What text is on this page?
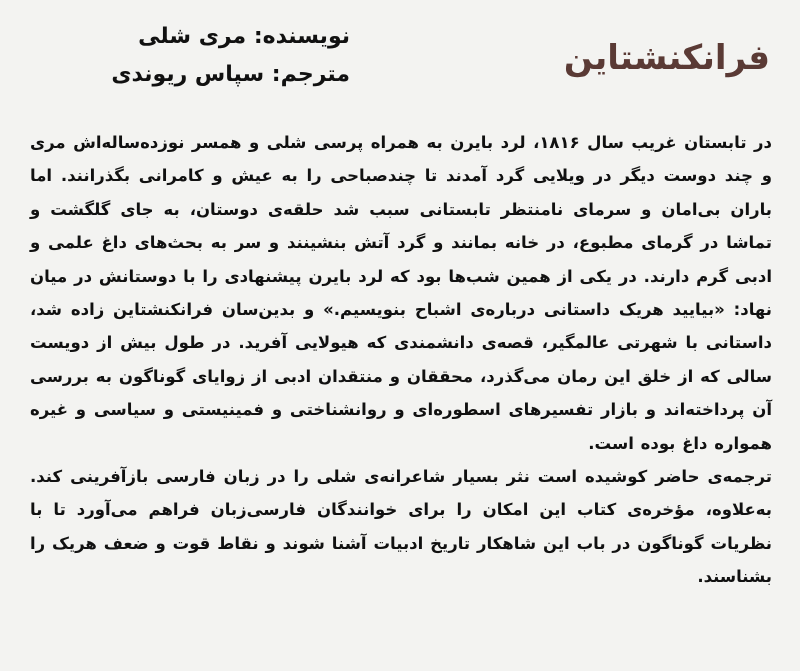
فرانکنشتاین
نویسنده: مری شلی
مترجم: سپاس ریوندی

در تابستان غریب سال ۱۸۱۶، لرد بایرن به همراه پرسی شلی و همسر نوزده‌ساله‌اش مری و چند دوست دیگر در ویلایی گرد آمدند تا چندصباحی را به عیش و کامرانی بگذرانند. اما باران بی‌امان و سرمای نامنتظر تابستانی سبب شد حلقه‌ی دوستان، به جای گلگشت و تماشا در گرمای مطبوع، در خانه بمانند و گرد آتش بنشینند و سر به بحث‌های داغ علمی و ادبی گرم دارند. در یکی از همین شب‌ها بود که لرد بایرن پیشنهادی را با دوستانش در میان نهاد: «بیایید هریک داستانی درباره‌ی اشباح بنویسیم.» و بدین‌سان فرانکنشتاین زاده شد، داستانی با شهرتی عالمگیر، قصه‌ی دانشمندی که هیولایی آفرید. در طول بیش از دویست سالی که از خلق این رمان می‌گذرد، محققان و منتقدان ادبی از زوایای گوناگون به بررسی آن پرداخته‌اند و بازار تفسیرهای اسطوره‌ای و روانشناختی و فمینیستی و سیاسی و غیره همواره داغ بوده است.

ترجمه‌ی حاضر کوشیده است نثر بسیار شاعرانه‌ی شلی را در زبان فارسی بازآفرینی کند. به‌علاوه، مؤخره‌ی کتاب این امکان را برای خوانندگان فارسی‌زبان فراهم می‌آورد تا با نظریات گوناگون در باب این شاهکار تاریخ ادبیات آشنا شوند و نقاط قوت و ضعف هریک را بشناسند.
